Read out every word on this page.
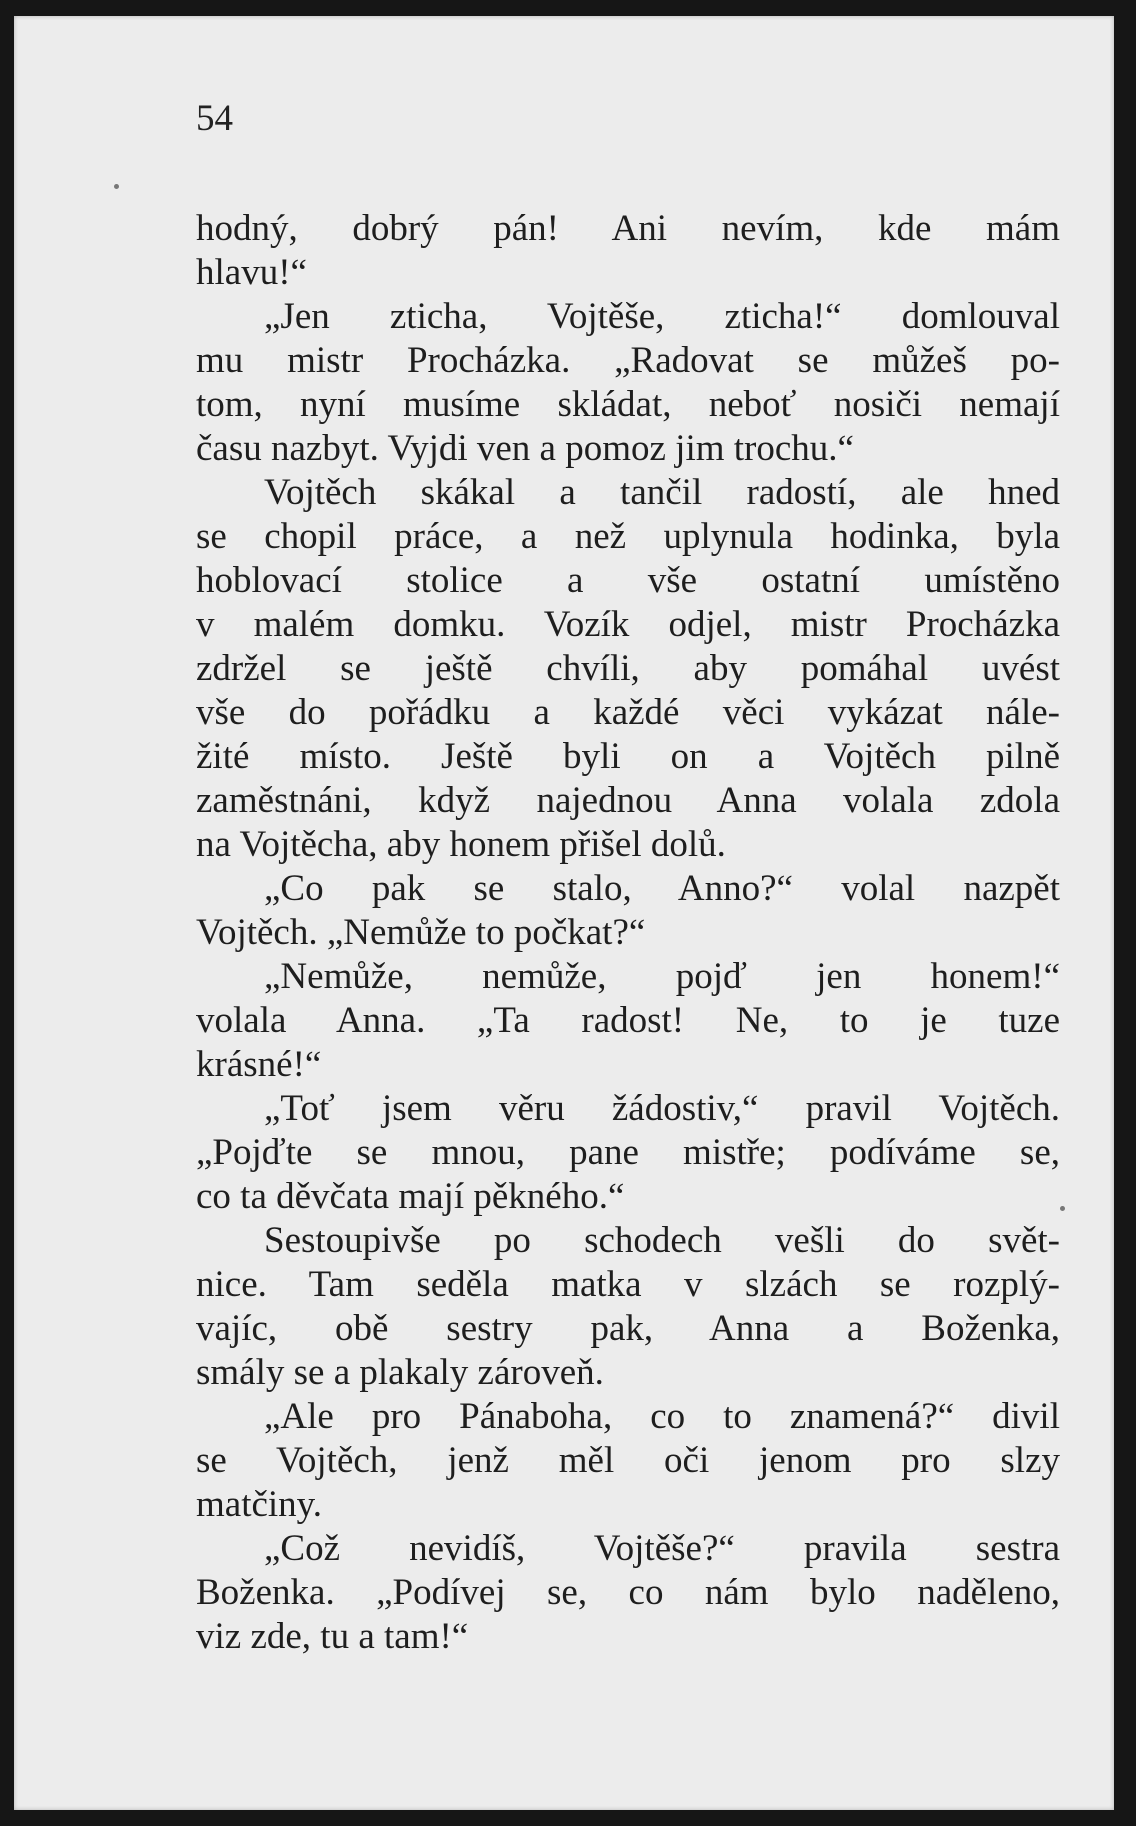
54
hodný, dobrý pán! Ani nevím, kde mám
hlavu!“
„Jen zticha, Vojtěše, zticha!“ domlouval
mu mistr Procházka. „Radovat se můžeš po-
tom, nyní musíme skládat, neboť nosiči nemají
času nazbyt. Vyjdi ven a pomoz jim trochu.“
Vojtěch skákal a tančil radostí, ale hned
se chopil práce, a než uplynula hodinka, byla
hoblovací stolice a vše ostatní umístěno
v malém domku. Vozík odjel, mistr Procházka
zdržel se ještě chvíli, aby pomáhal uvést
vše do pořádku a každé věci vykázat nále-
žité místo. Ještě byli on a Vojtěch pilně
zaměstnáni, když najednou Anna volala zdola
na Vojtěcha, aby honem přišel dolů.
„Co pak se stalo, Anno?“ volal nazpět
Vojtěch. „Nemůže to počkat?“
„Nemůže, nemůže, pojď jen honem!“
volala Anna. „Ta radost! Ne, to je tuze
krásné!“
„Toť jsem věru žádostiv,“ pravil Vojtěch.
„Pojďte se mnou, pane mistře; podíváme se,
co ta děvčata mají pěkného.“
Sestoupivše po schodech vešli do svět-
nice. Tam seděla matka v slzách se rozplý-
vajíc, obě sestry pak, Anna a Boženka,
smály se a plakaly zároveň.
„Ale pro Pánaboha, co to znamená?“ divil
se Vojtěch, jenž měl oči jenom pro slzy
matčiny.
„Což nevidíš, Vojtěše?“ pravila sestra
Boženka. „Podívej se, co nám bylo naděleno,
viz zde, tu a tam!“
